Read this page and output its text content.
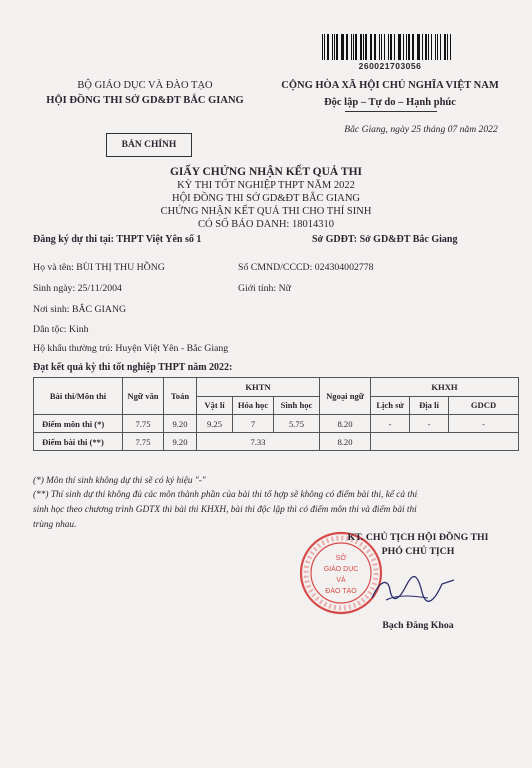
260021703056
BỘ GIÁO DỤC VÀ ĐÀO TẠO
HỘI ĐỒNG THI SỞ GD&ĐT BẮC GIANG
BẢN CHÍNH
CỘNG HÒA XÃ HỘI CHỦ NGHĨA VIỆT NAM
Độc lập – Tự do – Hạnh phúc
Bắc Giang, ngày 25 tháng 07 năm 2022
GIẤY CHỨNG NHẬN KẾT QUẢ THI
KỲ THI TỐT NGHIỆP THPT NĂM 2022
HỘI ĐỒNG THI SỞ GD&ĐT BẮC GIANG
CHỨNG NHẬN KẾT QUẢ THI CHO THÍ SINH
CÓ SỐ BÁO DANH: 18014310
Đăng ký dự thi tại: THPT Việt Yên số 1	Sở GDĐT: Sở GD&ĐT Bắc Giang
Họ và tên: BÙI THỊ THU HỒNG	Số CMND/CCCD: 024304002778
Sinh ngày: 25/11/2004	Giới tính: Nữ
Nơi sinh: BẮC GIANG
Dân tộc: Kinh
Hộ khẩu thường trú: Huyện Việt Yên - Bắc Giang
Đạt kết quả kỳ thi tốt nghiệp THPT năm 2022:
Bài thi/Môn thi	Ngữ văn	Toán	KHTN			Ngoại ngữ	KHXH		
			Vật lí	Hóa học	Sinh học		Lịch sử	Địa lí	GDCD
Điểm môn thi (*)	7.75	9.20	9.25	7	5.75	8.20	-	-	-
Điểm bài thi (**)	7.75	9.20	7.33			8.20			
(*) Môn thí sinh không dự thi sẽ có ký hiệu "-"
(**) Thí sinh dự thi không đủ các môn thành phần của bài thi tổ hợp sẽ không có điểm bài thi, kể cả thí
sinh học theo chương trình GDTX thì bài thi KHXH, bài thi độc lập thì có điểm môn thi và điểm bài thi
trùng nhau.
SỞ
GIÁO DỤC
VÀ
ĐÀO TẠO
KT. CHỦ TỊCH HỘI ĐỒNG THI
PHÓ CHỦ TỊCH
Bạch Đăng Khoa
